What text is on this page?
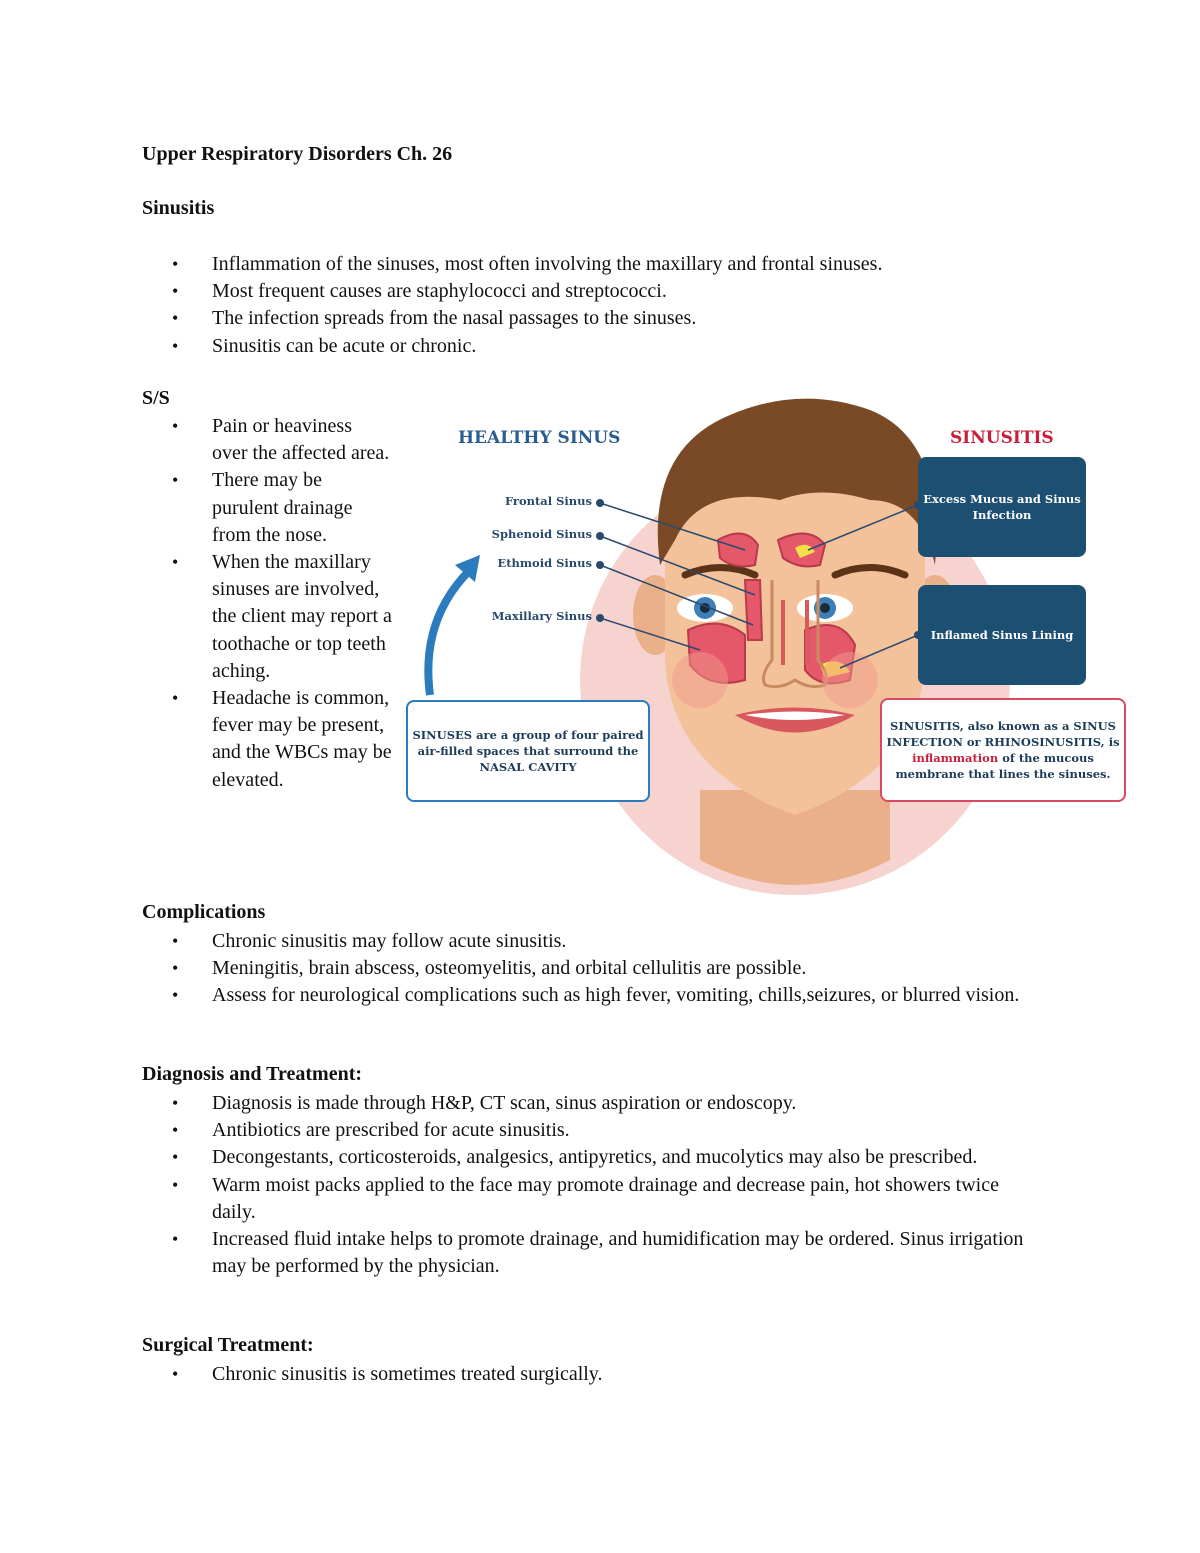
Upper Respiratory Disorders Ch. 26
Sinusitis
• Inflammation of the sinuses, most often involving the maxillary and frontal sinuses.
• Most frequent causes are staphylococci and streptococci.
• The infection spreads from the nasal passages to the sinuses.
• Sinusitis can be acute or chronic.
S/S
• Pain or heaviness over the affected area.
• There may be purulent drainage from the nose.
• When the maxillary sinuses are involved, the client may report a toothache or top teeth aching.
• Headache is common, fever may be present, and the WBCs may be elevated.
HEALTHY SINUS	SINUSITIS
Frontal Sinus
Sphenoid Sinus
Ethmoid Sinus
Maxillary Sinus
Excess Mucus and Sinus Infection
Inflamed Sinus Lining
SINUSES are a group of four paired air-filled spaces that surround the NASAL CAVITY
SINUSITIS, also known as a SINUS INFECTION or RHINOSINUSITIS, is
inflammation of the mucous membrane that lines the sinuses.
Complications
• Chronic sinusitis may follow acute sinusitis.
• Meningitis, brain abscess, osteomyelitis, and orbital cellulitis are possible.
• Assess for neurological complications such as high fever, vomiting, chills,seizures, or blurred vision.
Diagnosis and Treatment:
• Diagnosis is made through H&P, CT scan, sinus aspiration or endoscopy.
• Antibiotics are prescribed for acute sinusitis.
• Decongestants, corticosteroids, analgesics, antipyretics, and mucolytics may also be prescribed.
• Warm moist packs applied to the face may promote drainage and decrease pain, hot showers twice daily.
• Increased fluid intake helps to promote drainage, and humidification may be ordered. Sinus irrigation may be performed by the physician.
Surgical Treatment:
• Chronic sinusitis is sometimes treated surgically.
